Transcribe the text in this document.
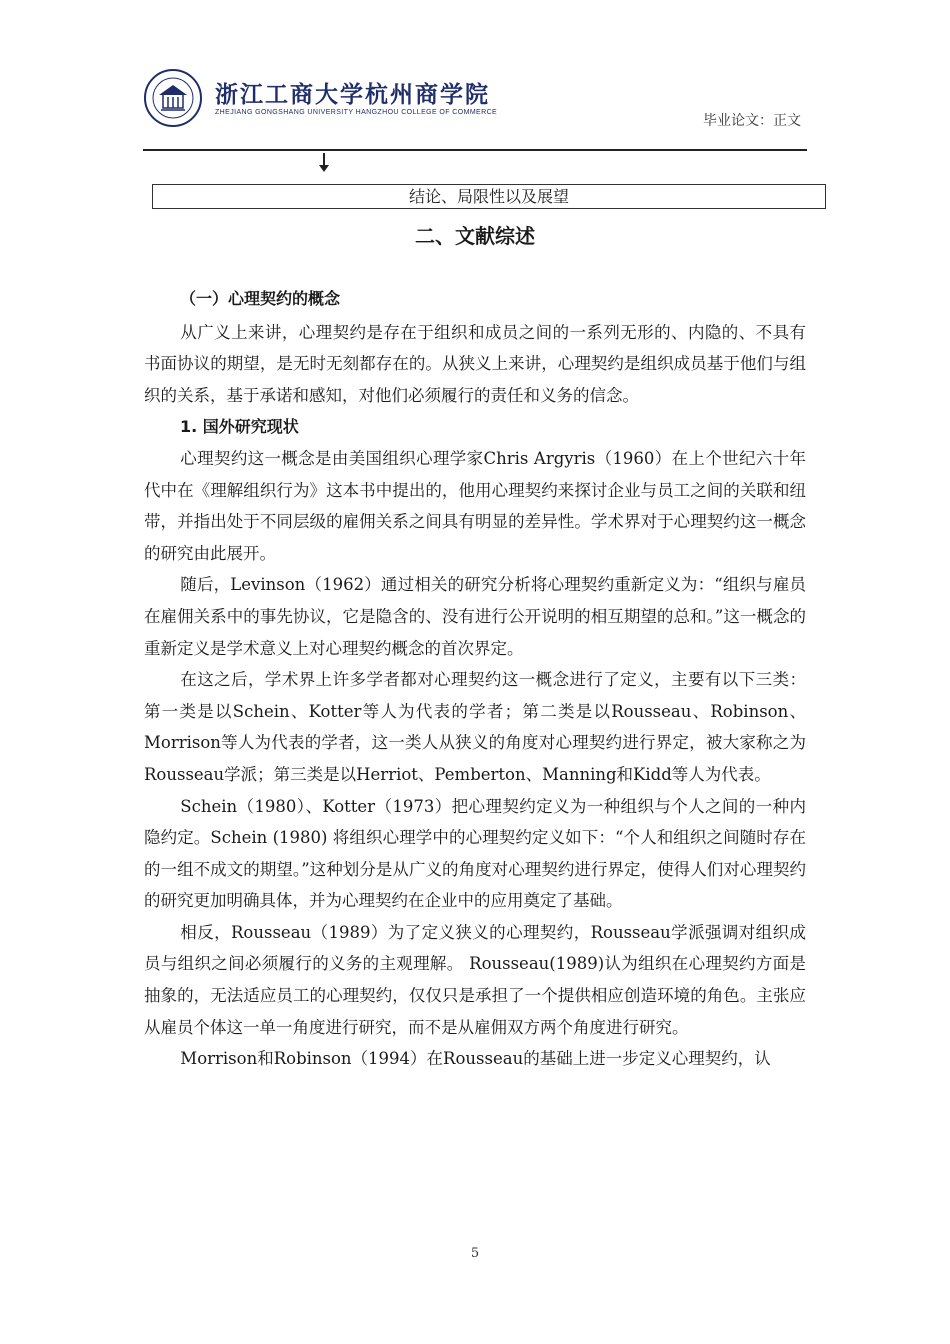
浙江工商大学杭州商学院
ZHEJIANG GONGSHANG UNIVERSITY HANGZHOU COLLEGE OF COMMERCE
毕业论文：正文
结论、局限性以及展望
二、文献综述

（一）心理契约的概念

从广义上来讲，心理契约是存在于组织和成员之间的一系列无形的、内隐的、不具有书面协议的期望，是无时无刻都存在的。从狭义上来讲，心理契约是组织成员基于他们与组织的关系，基于承诺和感知，对他们必须履行的责任和义务的信念。

1. 国外研究现状

心理契约这一概念是由美国组织心理学家Chris Argyris（1960）在上个世纪六十年代中在《理解组织行为》这本书中提出的，他用心理契约来探讨企业与员工之间的关联和纽带，并指出处于不同层级的雇佣关系之间具有明显的差异性。学术界对于心理契约这一概念的研究由此展开。

随后，Levinson（1962）通过相关的研究分析将心理契约重新定义为：“组织与雇员在雇佣关系中的事先协议，它是隐含的、没有进行公开说明的相互期望的总和。”这一概念的重新定义是学术意义上对心理契约概念的首次界定。

在这之后，学术界上许多学者都对心理契约这一概念进行了定义，主要有以下三类：第一类是以Schein、Kotter等人为代表的学者；第二类是以Rousseau、Robinson、Morrison等人为代表的学者，这一类人从狭义的角度对心理契约进行界定，被大家称之为Rousseau学派；第三类是以Herriot、Pemberton、Manning和Kidd等人为代表。

Schein（1980）、Kotter（1973）把心理契约定义为一种组织与个人之间的一种内隐约定。Schein (1980) 将组织心理学中的心理契约定义如下：“个人和组织之间随时存在的一组不成文的期望。”这种划分是从广义的角度对心理契约进行界定，使得人们对心理契约的研究更加明确具体，并为心理契约在企业中的应用奠定了基础。

相反，Rousseau（1989）为了定义狭义的心理契约，Rousseau学派强调对组织成员与组织之间必须履行的义务的主观理解。 Rousseau(1989)认为组织在心理契约方面是抽象的，无法适应员工的心理契约，仅仅只是承担了一个提供相应创造环境的角色。主张应从雇员个体这一单一角度进行研究，而不是从雇佣双方两个角度进行研究。

Morrison和Robinson（1994）在Rousseau的基础上进一步定义心理契约，认

5
